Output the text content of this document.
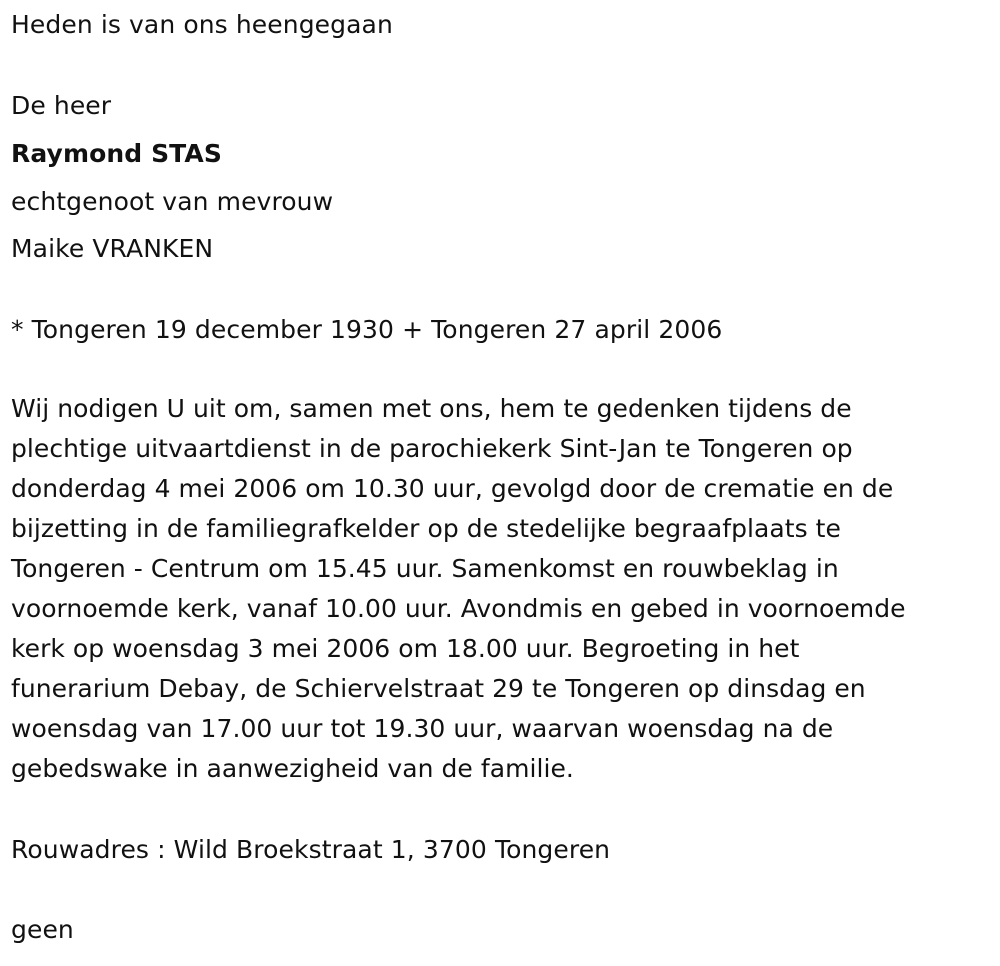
Heden is van ons heengegaan
De heer
Raymond STAS
echtgenoot van mevrouw
Maike VRANKEN
* Tongeren 19 december 1930 + Tongeren 27 april 2006
Wij nodigen U uit om, samen met ons, hem te gedenken tijdens de
plechtige uitvaartdienst in de parochiekerk Sint-Jan te Tongeren op
donderdag 4 mei 2006 om 10.30 uur, gevolgd door de crematie en de
bijzetting in de familiegrafkelder op de stedelijke begraafplaats te
Tongeren - Centrum om 15.45 uur. Samenkomst en rouwbeklag in
voornoemde kerk, vanaf 10.00 uur. Avondmis en gebed in voornoemde
kerk op woensdag 3 mei 2006 om 18.00 uur. Begroeting in het
funerarium Debay, de Schiervelstraat 29 te Tongeren op dinsdag en
woensdag van 17.00 uur tot 19.30 uur, waarvan woensdag na de
gebedswake in aanwezigheid van de familie.
Rouwadres : Wild Broekstraat 1, 3700 Tongeren
geen
